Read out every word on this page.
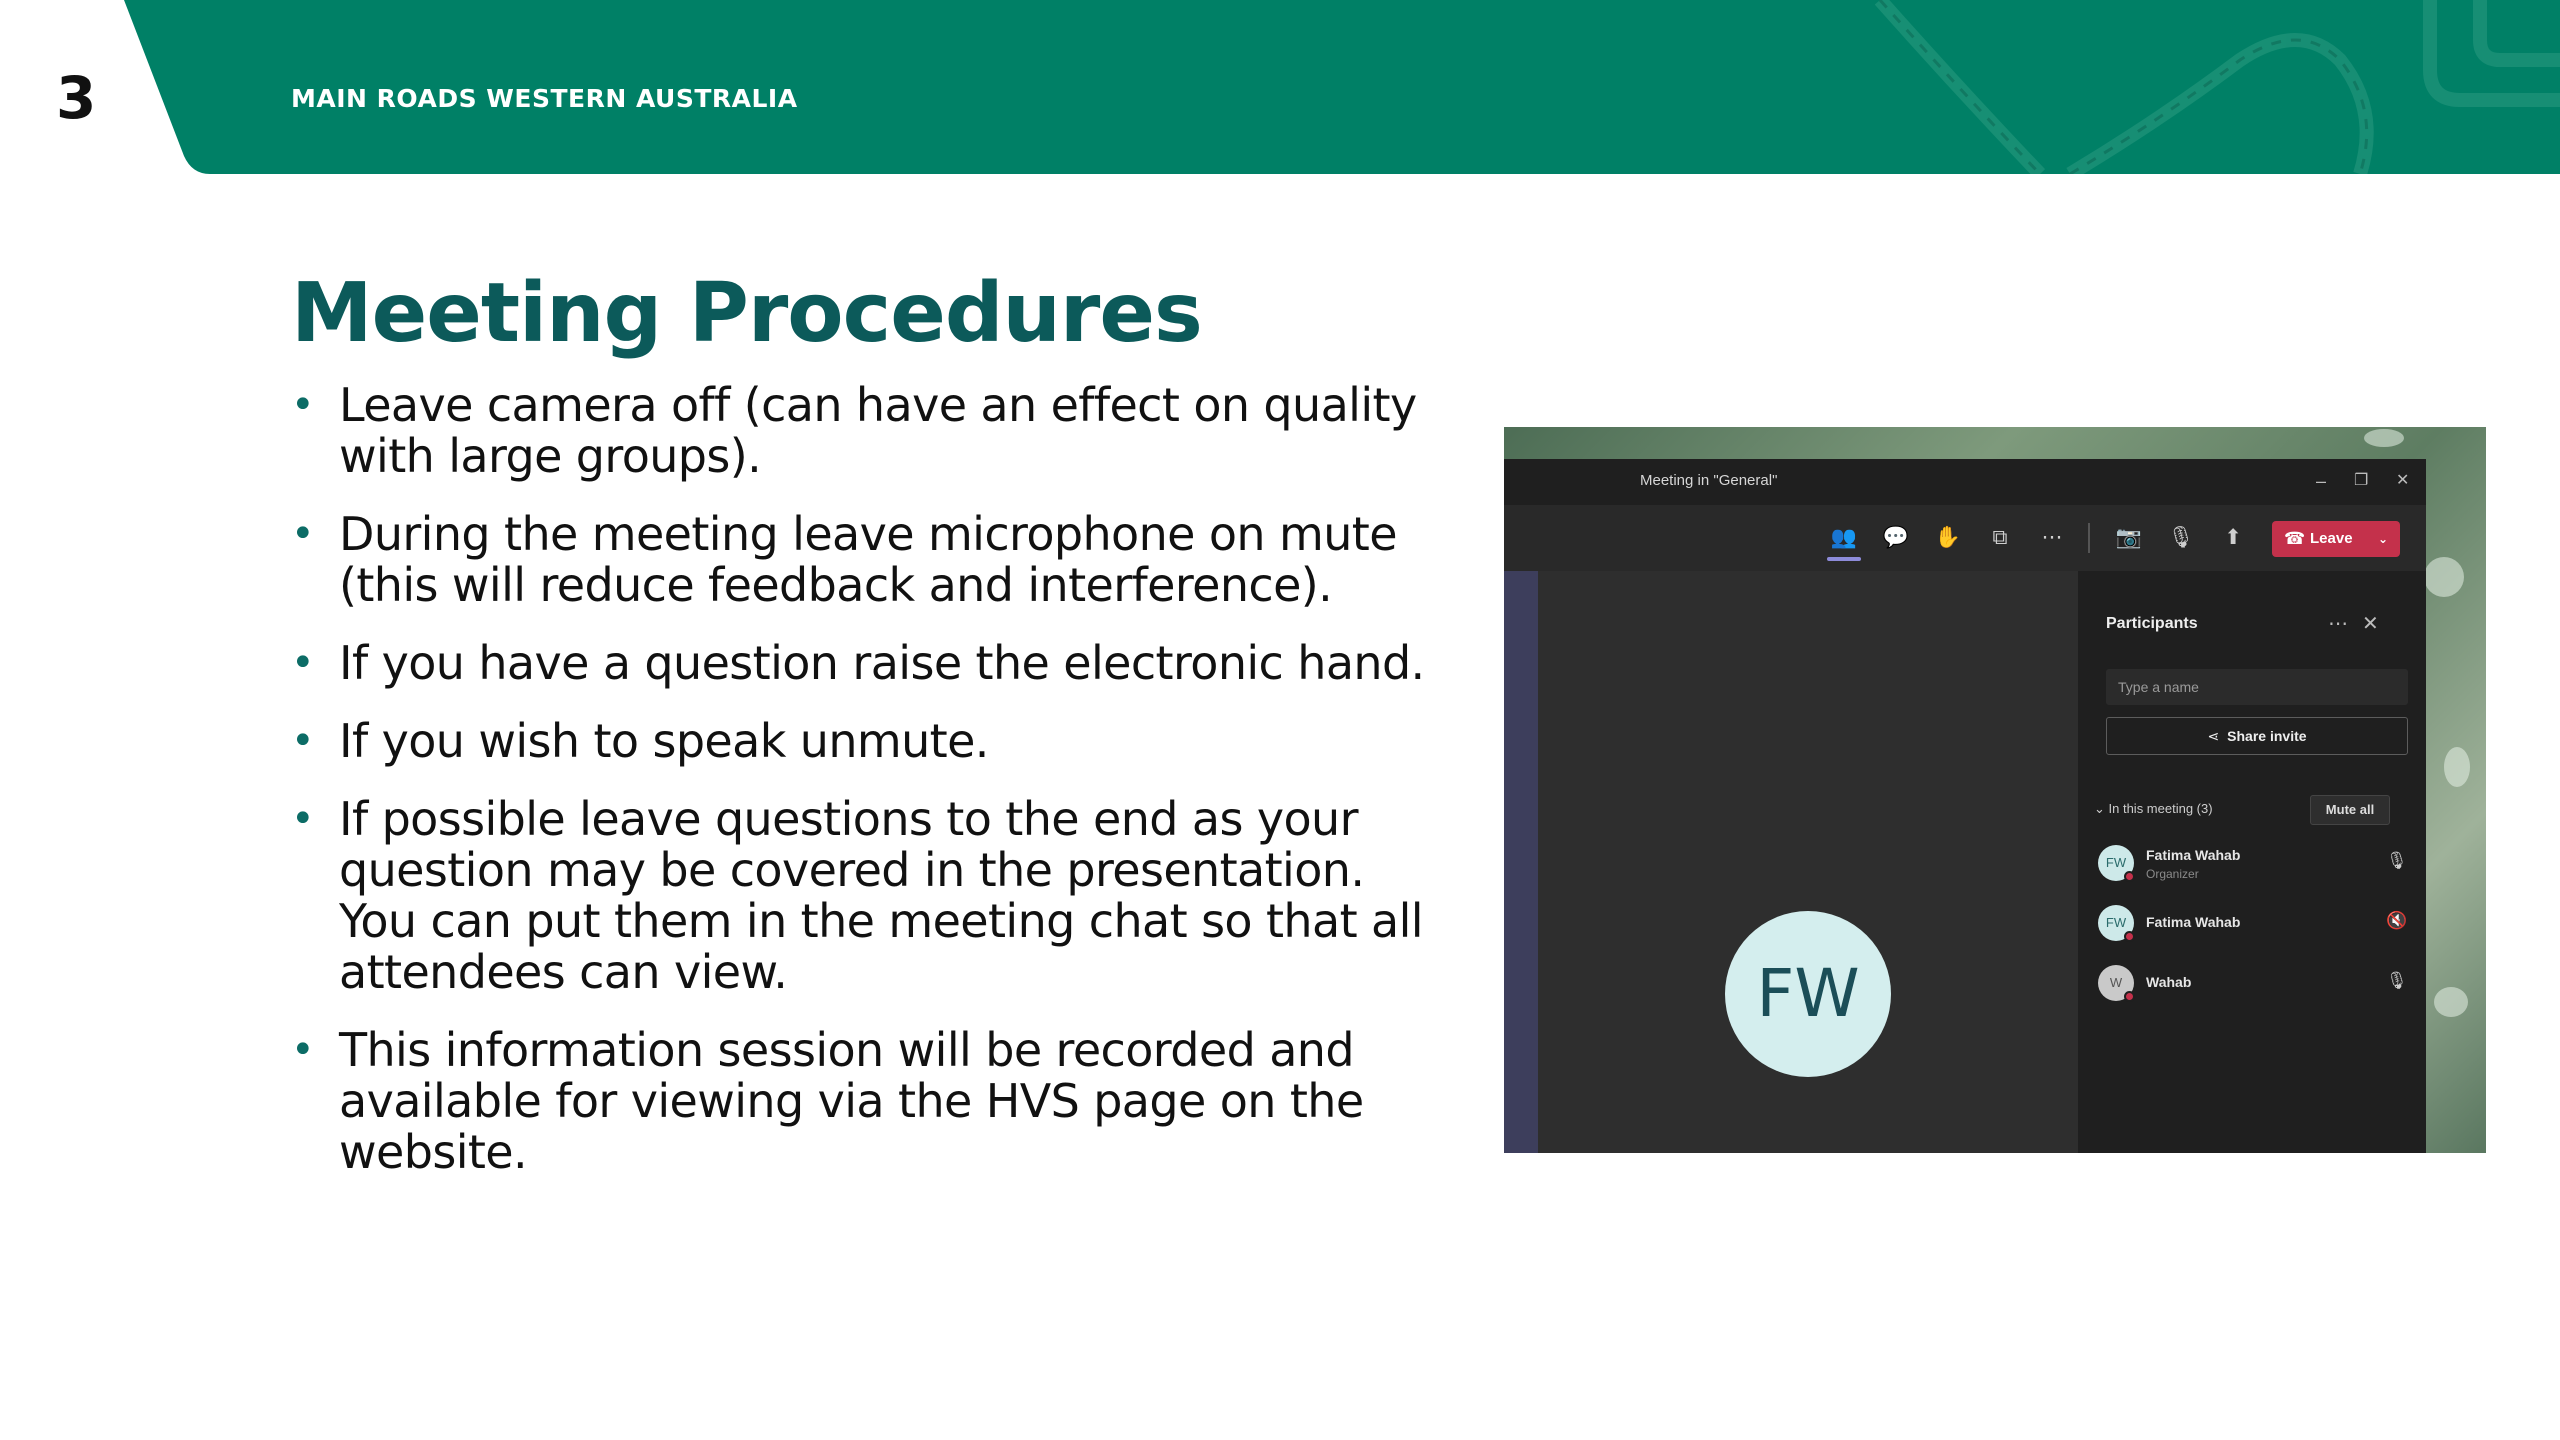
3	MAIN ROADS WESTERN AUSTRALIA
Meeting Procedures
• Leave camera off (can have an effect on quality with large groups).
• During the meeting leave microphone on mute (this will reduce feedback and interference).
• If you have a question raise the electronic hand.
• If you wish to speak unmute.
• If possible leave questions to the end as your question may be covered in the presentation. You can put them in the meeting chat so that all attendees can view.
• This information session will be recorded and available for viewing via the HVS page on the website.
Meeting in "General"	– ❐ ✕
👥 💬 ✋	⧉	⋯	📷 🎙 ⬆	☎ Leave ⌄
FW
Participants	⋯ ✕
Type a name
⋖ Share invite
⌄ In this meeting (3)	Mute all
FW	Fatima Wahab
Organizer
🎙
FW	Fatima Wahab	🔇
W	Wahab	🎙
